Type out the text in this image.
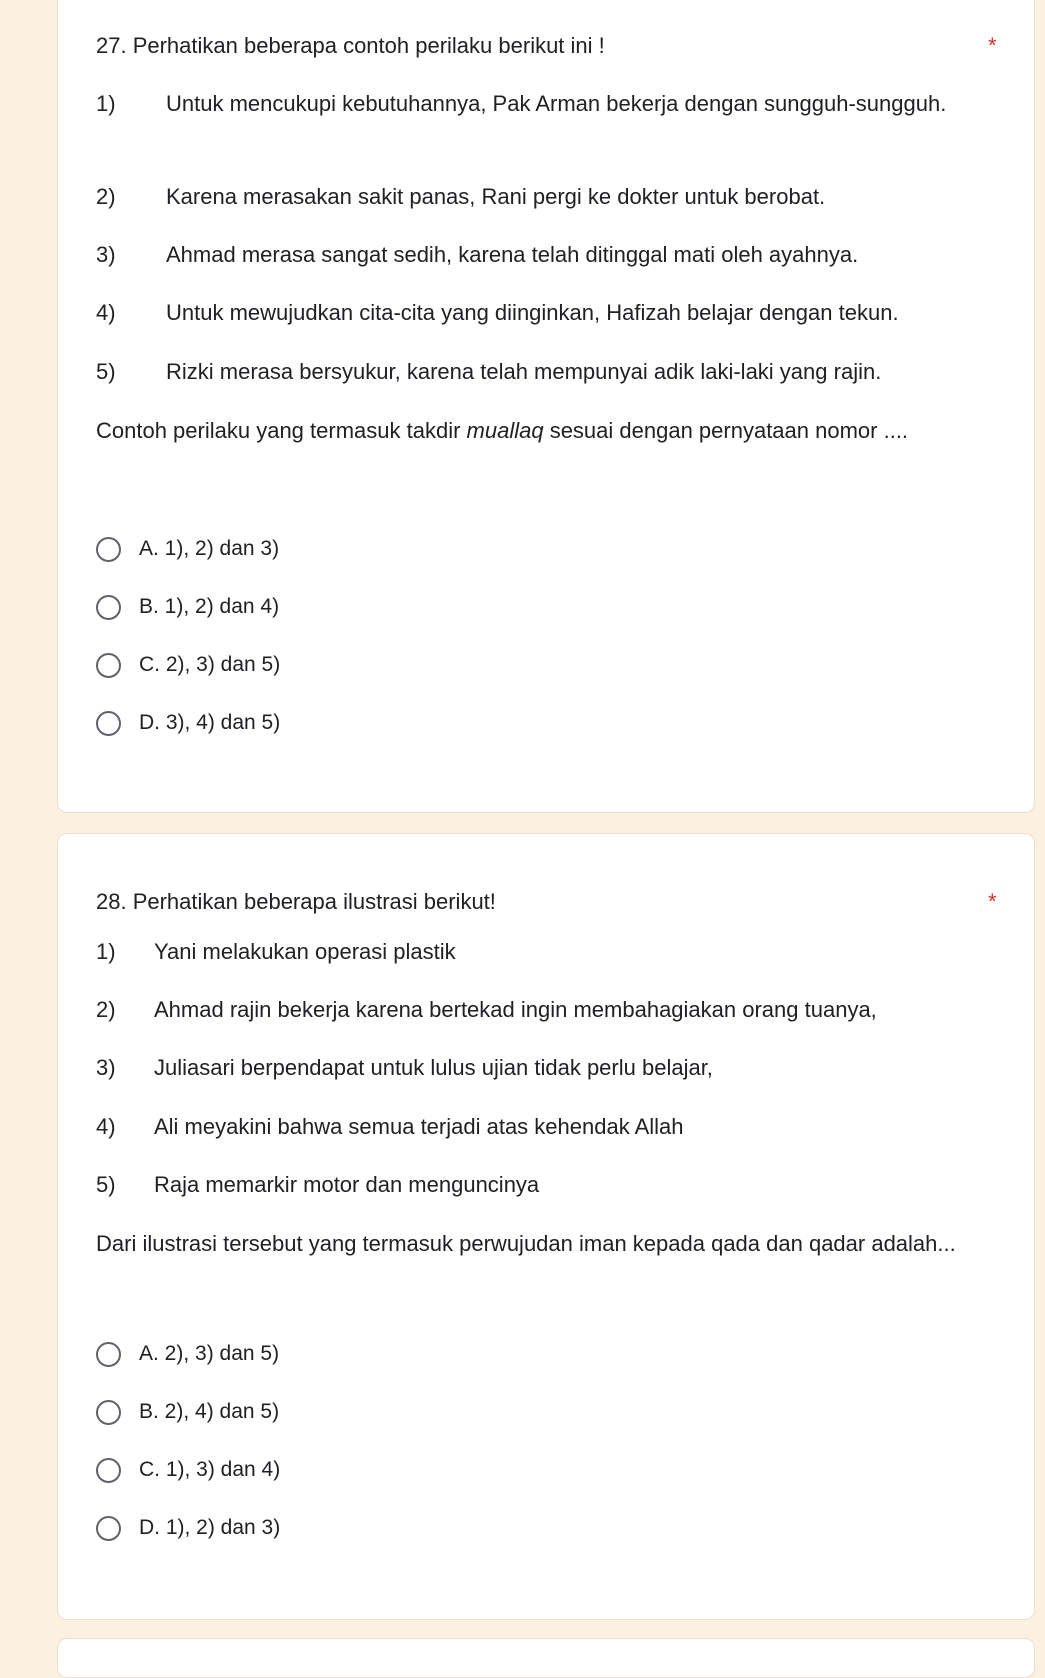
27. Perhatikan beberapa contoh perilaku berikut ini !	*
1) Untuk mencukupi kebutuhannya, Pak Arman bekerja dengan sungguh-sungguh.
2) Karena merasakan sakit panas, Rani pergi ke dokter untuk berobat.
3) Ahmad merasa sangat sedih, karena telah ditinggal mati oleh ayahnya.
4) Untuk mewujudkan cita-cita yang diinginkan, Hafizah belajar dengan tekun.
5) Rizki merasa bersyukur, karena telah mempunyai adik laki-laki yang rajin.
Contoh perilaku yang termasuk takdir muallaq sesuai dengan pernyataan nomor ....
A. 1), 2) dan 3)
B. 1), 2) dan 4)
C. 2), 3) dan 5)
D. 3), 4) dan 5)
28. Perhatikan beberapa ilustrasi berikut!	*
1) Yani melakukan operasi plastik
2) Ahmad rajin bekerja karena bertekad ingin membahagiakan orang tuanya,
3) Juliasari berpendapat untuk lulus ujian tidak perlu belajar,
4) Ali meyakini bahwa semua terjadi atas kehendak Allah
5) Raja memarkir motor dan menguncinya
Dari ilustrasi tersebut yang termasuk perwujudan iman kepada qada dan qadar adalah...
A. 2), 3) dan 5)
B. 2), 4) dan 5)
C. 1), 3) dan 4)
D. 1), 2) dan 3)
